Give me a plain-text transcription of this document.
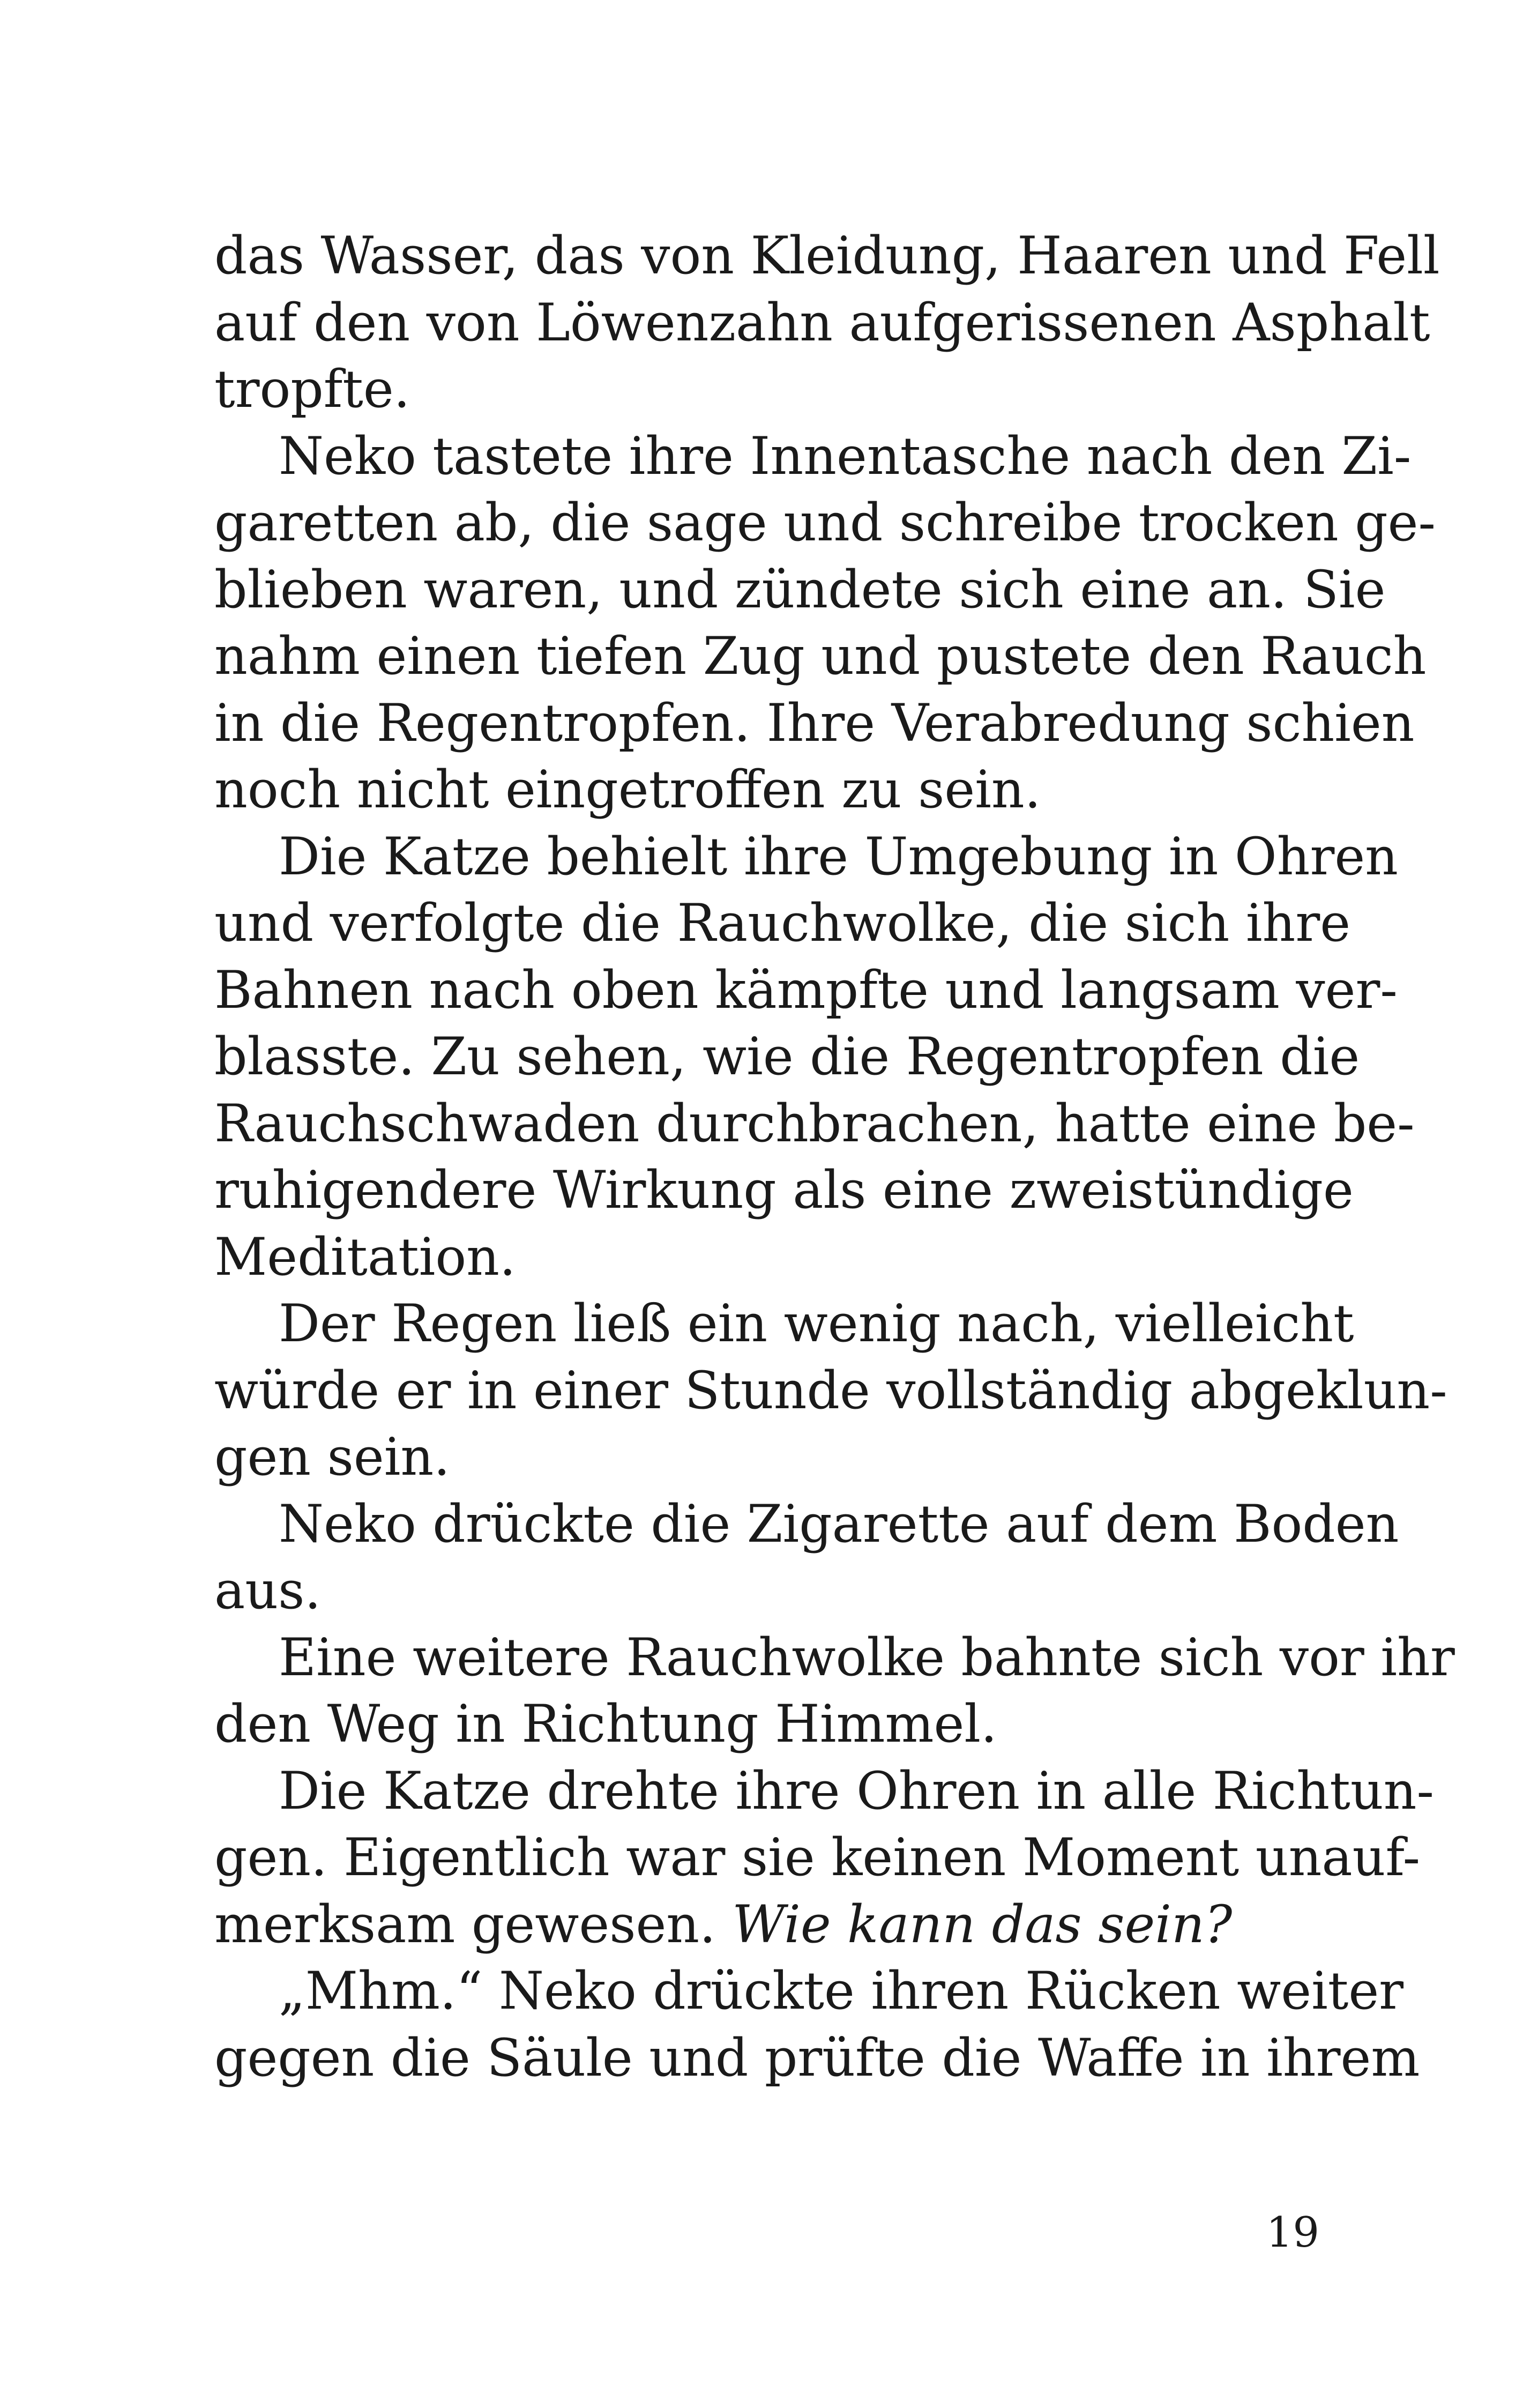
das Wasser, das von Kleidung, Haaren und Fell
auf den von Löwenzahn aufgerissenen Asphalt
tropfte.
Neko tastete ihre Innentasche nach den Zi-
garetten ab, die sage und schreibe trocken ge-
blieben waren, und zündete sich eine an. Sie
nahm einen tiefen Zug und pustete den Rauch
in die Regentropfen. Ihre Verabredung schien
noch nicht eingetroffen zu sein.
Die Katze behielt ihre Umgebung in Ohren
und verfolgte die Rauchwolke, die sich ihre
Bahnen nach oben kämpfte und langsam ver-
blasste. Zu sehen, wie die Regentropfen die
Rauchschwaden durchbrachen, hatte eine be-
ruhigendere Wirkung als eine zweistündige
Meditation.
Der Regen ließ ein wenig nach, vielleicht
würde er in einer Stunde vollständig abgeklun-
gen sein.
Neko drückte die Zigarette auf dem Boden
aus.
Eine weitere Rauchwolke bahnte sich vor ihr
den Weg in Richtung Himmel.
Die Katze drehte ihre Ohren in alle Richtun-
gen. Eigentlich war sie keinen Moment unauf-
merksam gewesen. Wie kann das sein?
„Mhm.“ Neko drückte ihren Rücken weiter
gegen die Säule und prüfte die Waffe in ihrem
19
